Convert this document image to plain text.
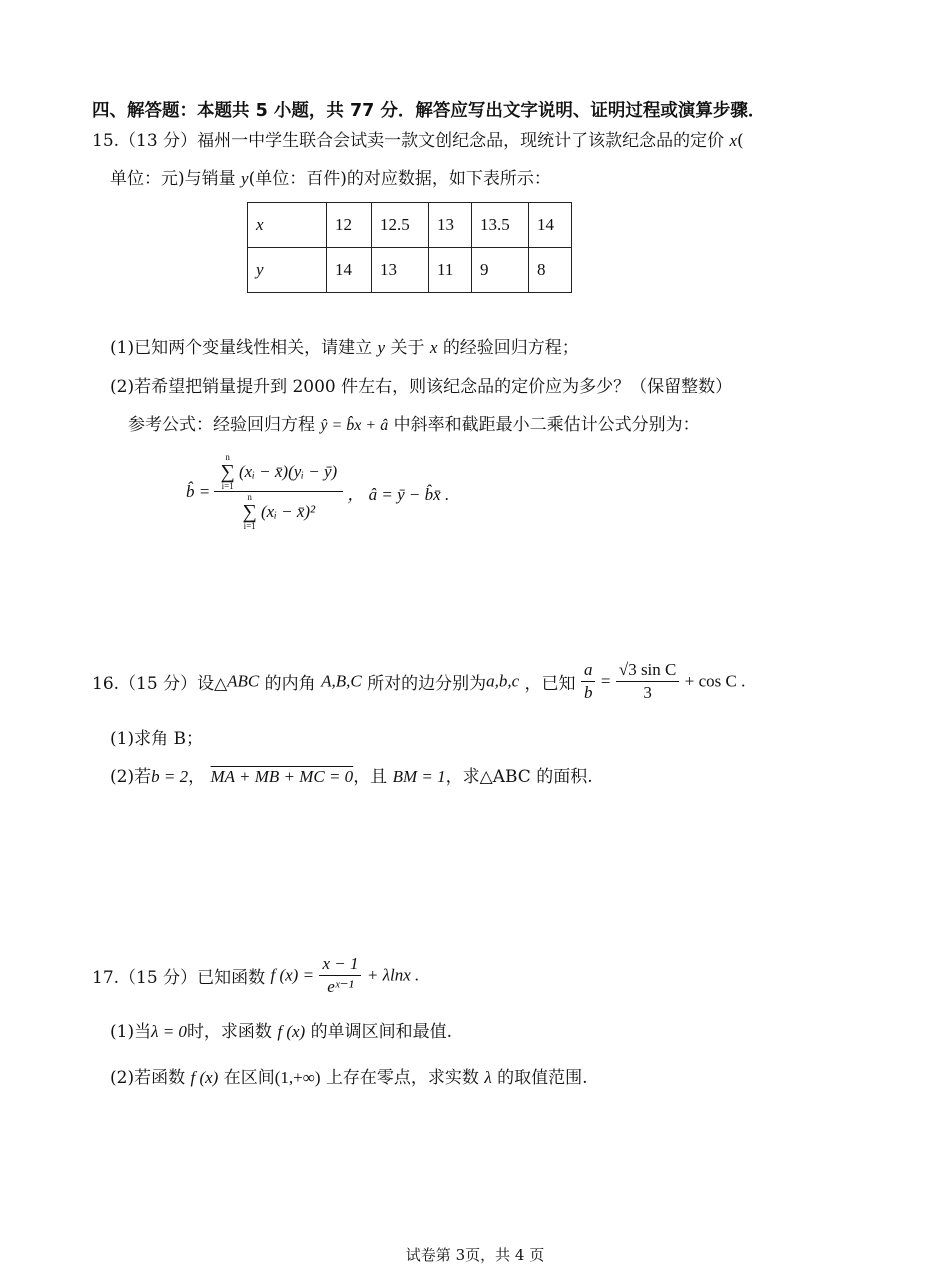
四、解答题：本题共 5 小题，共 77 分．解答应写出文字说明、证明过程或演算步骤．
15.（13 分）福州一中学生联合会试卖一款文创纪念品，现统计了该款纪念品的定价 x(
单位：元)与销量 y(单位：百件)的对应数据，如下表所示：
x	12	12.5	13	13.5	14
y	14	13	11	9	8
(1)已知两个变量线性相关，请建立 y 关于 x 的经验回归方程；
(2)若希望把销量提升到 2000 件左右，则该纪念品的定价应为多少？（保留整数）
参考公式：经验回归方程 ŷ = b̂x + â 中斜率和截距最小二乘估计公式分别为：
b̂ = n
∑
i=1
(xᵢ − x̄)(yᵢ − ȳ)
n
∑
i=1
(xᵢ − x̄)² ， â = ȳ − b̂x̄ .
16.（15 分）设△ABC 的内角 A,B,C 所对的边分别为a,b,c ，已知 $\frac{a}{b} = \frac{\text{√3 sin C}}{3} + \cos C$ .
(1)求角 B；
(2)若b = 2， MA + MB + MC = 0，且 BM = 1，求△ABC 的面积.
17.（15 分）已知函数 f $(x) = \frac{x - 1}{\text{eˣ⁻¹}} + \lambda\ln x$ .
(1)当λ = 0时，求函数 f (x) 的单调区间和最值.
(2)若函数 f (x) 在区间(1,+∞) 上存在零点，求实数 λ 的取值范围.
试卷第 3页，共 4 页
